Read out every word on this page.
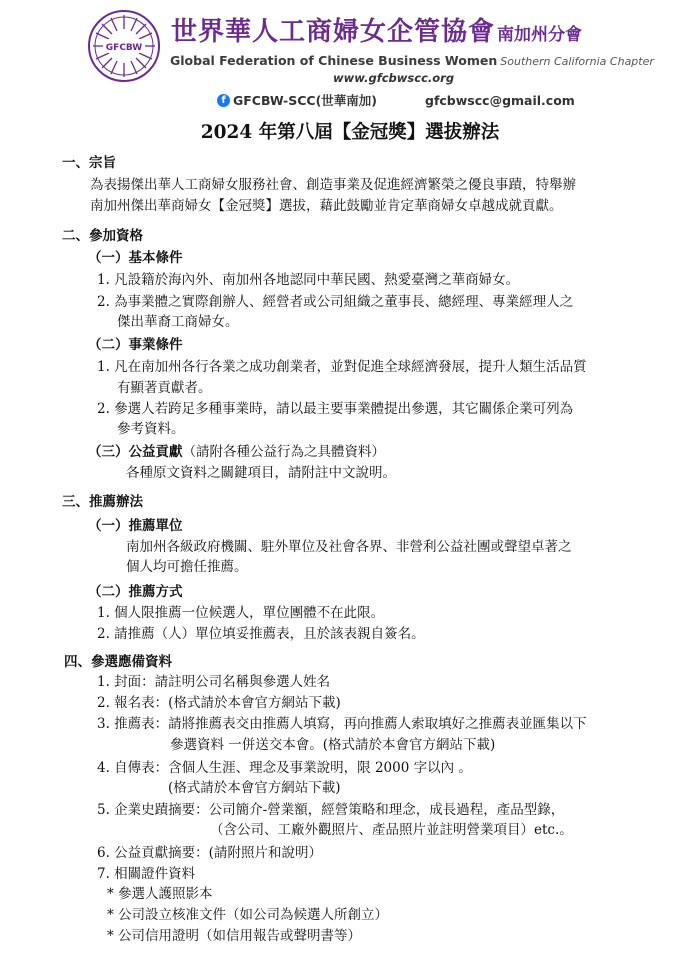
GFCBW
世界華人工商婦女企管協會 南加州分會
Global Federation of Chinese Business Women Southern California Chapter
www.gfcbwscc.org
f GFCBW-SCC(世華南加)	gfcbwscc@gmail.com
2024 年第八屆【金冠獎】選拔辦法
一、宗旨
為表揚傑出華人工商婦女服務社會、創造事業及促進經濟繁榮之優良事蹟，特舉辦
南加州傑出華商婦女【金冠獎】選拔，藉此鼓勵並肯定華商婦女卓越成就貢獻。
二、參加資格
（一）基本條件
1. 凡設籍於海內外、南加州各地認同中華民國、熱愛臺灣之華商婦女。
2. 為事業體之實際創辦人、經營者或公司組織之董事長、總經理、專業經理人之
傑出華裔工商婦女。
（二）事業條件
1. 凡在南加州各行各業之成功創業者，並對促進全球經濟發展，提升人類生活品質
有顯著貢獻者。
2. 參選人若跨足多種事業時，請以最主要事業體提出參選，其它關係企業可列為
參考資料。
（三）公益貢獻（請附各種公益行為之具體資料）
各種原文資料之關鍵項目，請附註中文說明。
三、推薦辦法
（一）推薦單位
南加州各級政府機關、駐外單位及社會各界、非營利公益社團或聲望卓著之
個人均可擔任推薦。
（二）推薦方式
1. 個人限推薦一位候選人，單位團體不在此限。
2. 請推薦（人）單位填妥推薦表，且於該表親自簽名。
四、參選應備資料
1. 封面：請註明公司名稱與參選人姓名
2. 報名表：(格式請於本會官方網站下載)
3. 推薦表：請將推薦表交由推薦人填寫，再向推薦人索取填好之推薦表並匯集以下
參選資料 一併送交本會。(格式請於本會官方網站下載)
4. 自傳表：含個人生涯、理念及事業說明，限 2000 字以內 。
(格式請於本會官方網站下載)
5. 企業史蹟摘要：公司簡介-營業額，經營策略和理念，成長過程，產品型錄，
（含公司、工廠外觀照片、產品照片並註明營業項目）etc.。
6. 公益貢獻摘要：(請附照片和說明）
7. 相關證件資料
* 參選人護照影本
* 公司設立核准文件（如公司為候選人所創立）
* 公司信用證明（如信用報告或聲明書等）
